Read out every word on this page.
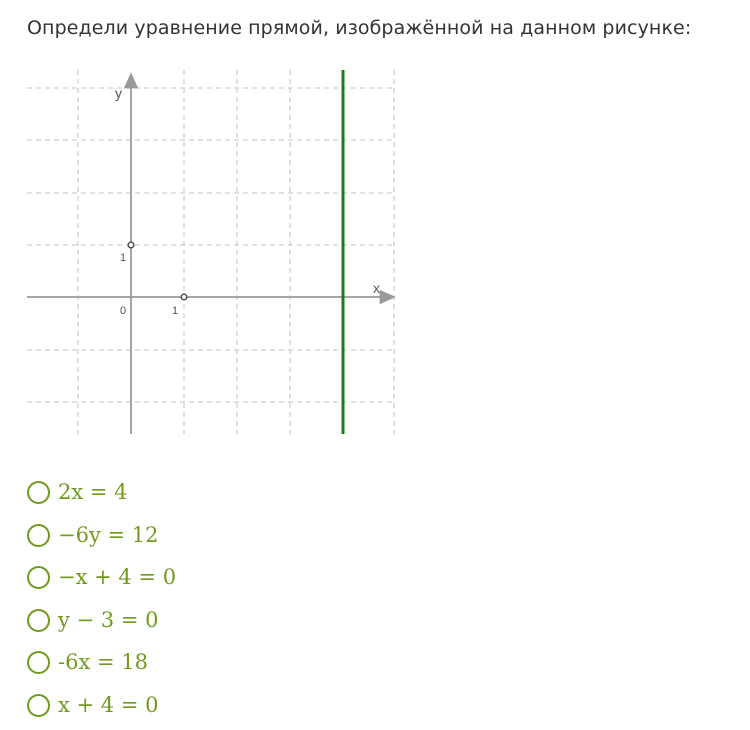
Определи уравнение прямой, изображённой на данном рисунке:
x
y
0	1
1
2x = 4
−6y = 12
−x + 4 = 0
y − 3 = 0
-6x = 18
x + 4 = 0
